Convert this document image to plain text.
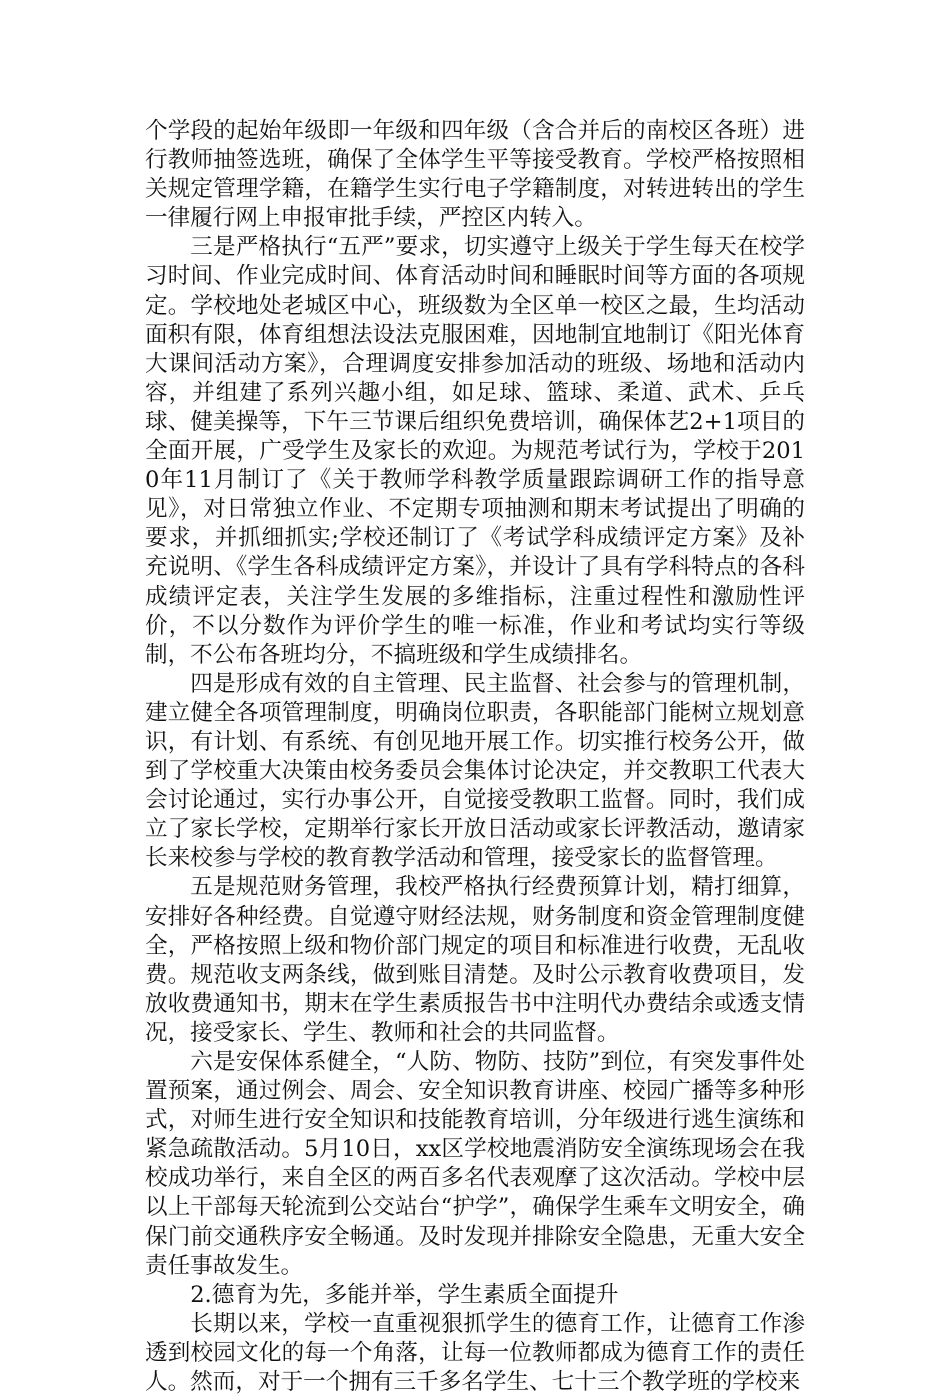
个学段的起始年级即一年级和四年级（含合并后的南校区各班）进行教师抽签选班，确保了全体学生平等接受教育。学校严格按照相关规定管理学籍，在籍学生实行电子学籍制度，对转进转出的学生一律履行网上申报审批手续，严控区内转入。

三是严格执行“五严”要求，切实遵守上级关于学生每天在校学习时间、作业完成时间、体育活动时间和睡眠时间等方面的各项规定。学校地处老城区中心，班级数为全区单一校区之最，生均活动面积有限，体育组想法设法克服困难，因地制宜地制订《阳光体育大课间活动方案》，合理调度安排参加活动的班级、场地和活动内容，并组建了系列兴趣小组，如足球、篮球、柔道、武术、乒乓球、健美操等，下午三节课后组织免费培训，确保体艺2+1项目的全面开展，广受学生及家长的欢迎。为规范考试行为，学校于2010年11月制订了《关于教师学科教学质量跟踪调研工作的指导意见》，对日常独立作业、不定期专项抽测和期末考试提出了明确的要求，并抓细抓实;学校还制订了《考试学科成绩评定方案》及补充说明、《学生各科成绩评定方案》，并设计了具有学科特点的各科成绩评定表，关注学生发展的多维指标，注重过程性和激励性评价，不以分数作为评价学生的唯一标准，作业和考试均实行等级制，不公布各班均分，不搞班级和学生成绩排名。

四是形成有效的自主管理、民主监督、社会参与的管理机制，建立健全各项管理制度，明确岗位职责，各职能部门能树立规划意识，有计划、有系统、有创见地开展工作。切实推行校务公开，做到了学校重大决策由校务委员会集体讨论决定，并交教职工代表大会讨论通过，实行办事公开，自觉接受教职工监督。同时，我们成立了家长学校，定期举行家长开放日活动或家长评教活动，邀请家长来校参与学校的教育教学活动和管理，接受家长的监督管理。

五是规范财务管理，我校严格执行经费预算计划，精打细算，安排好各种经费。自觉遵守财经法规，财务制度和资金管理制度健全，严格按照上级和物价部门规定的项目和标准进行收费，无乱收费。规范收支两条线，做到账目清楚。及时公示教育收费项目，发放收费通知书，期末在学生素质报告书中注明代办费结余或透支情况，接受家长、学生、教师和社会的共同监督。

六是安保体系健全，“人防、物防、技防”到位，有突发事件处置预案，通过例会、周会、安全知识教育讲座、校园广播等多种形式，对师生进行安全知识和技能教育培训，分年级进行逃生演练和紧急疏散活动。5月10日，xx区学校地震消防安全演练现场会在我校成功举行，来自全区的两百多名代表观摩了这次活动。学校中层以上干部每天轮流到公交站台“护学”，确保学生乘车文明安全，确保门前交通秩序安全畅通。及时发现并排除安全隐患，无重大安全责任事故发生。

2.德育为先，多能并举，学生素质全面提升

长期以来，学校一直重视狠抓学生的德育工作，让德育工作渗透到校园文化的每一个角落，让每一位教师都成为德育工作的责任人。然而，对于一个拥有三千多名学生、七十三个教学班的学校来
